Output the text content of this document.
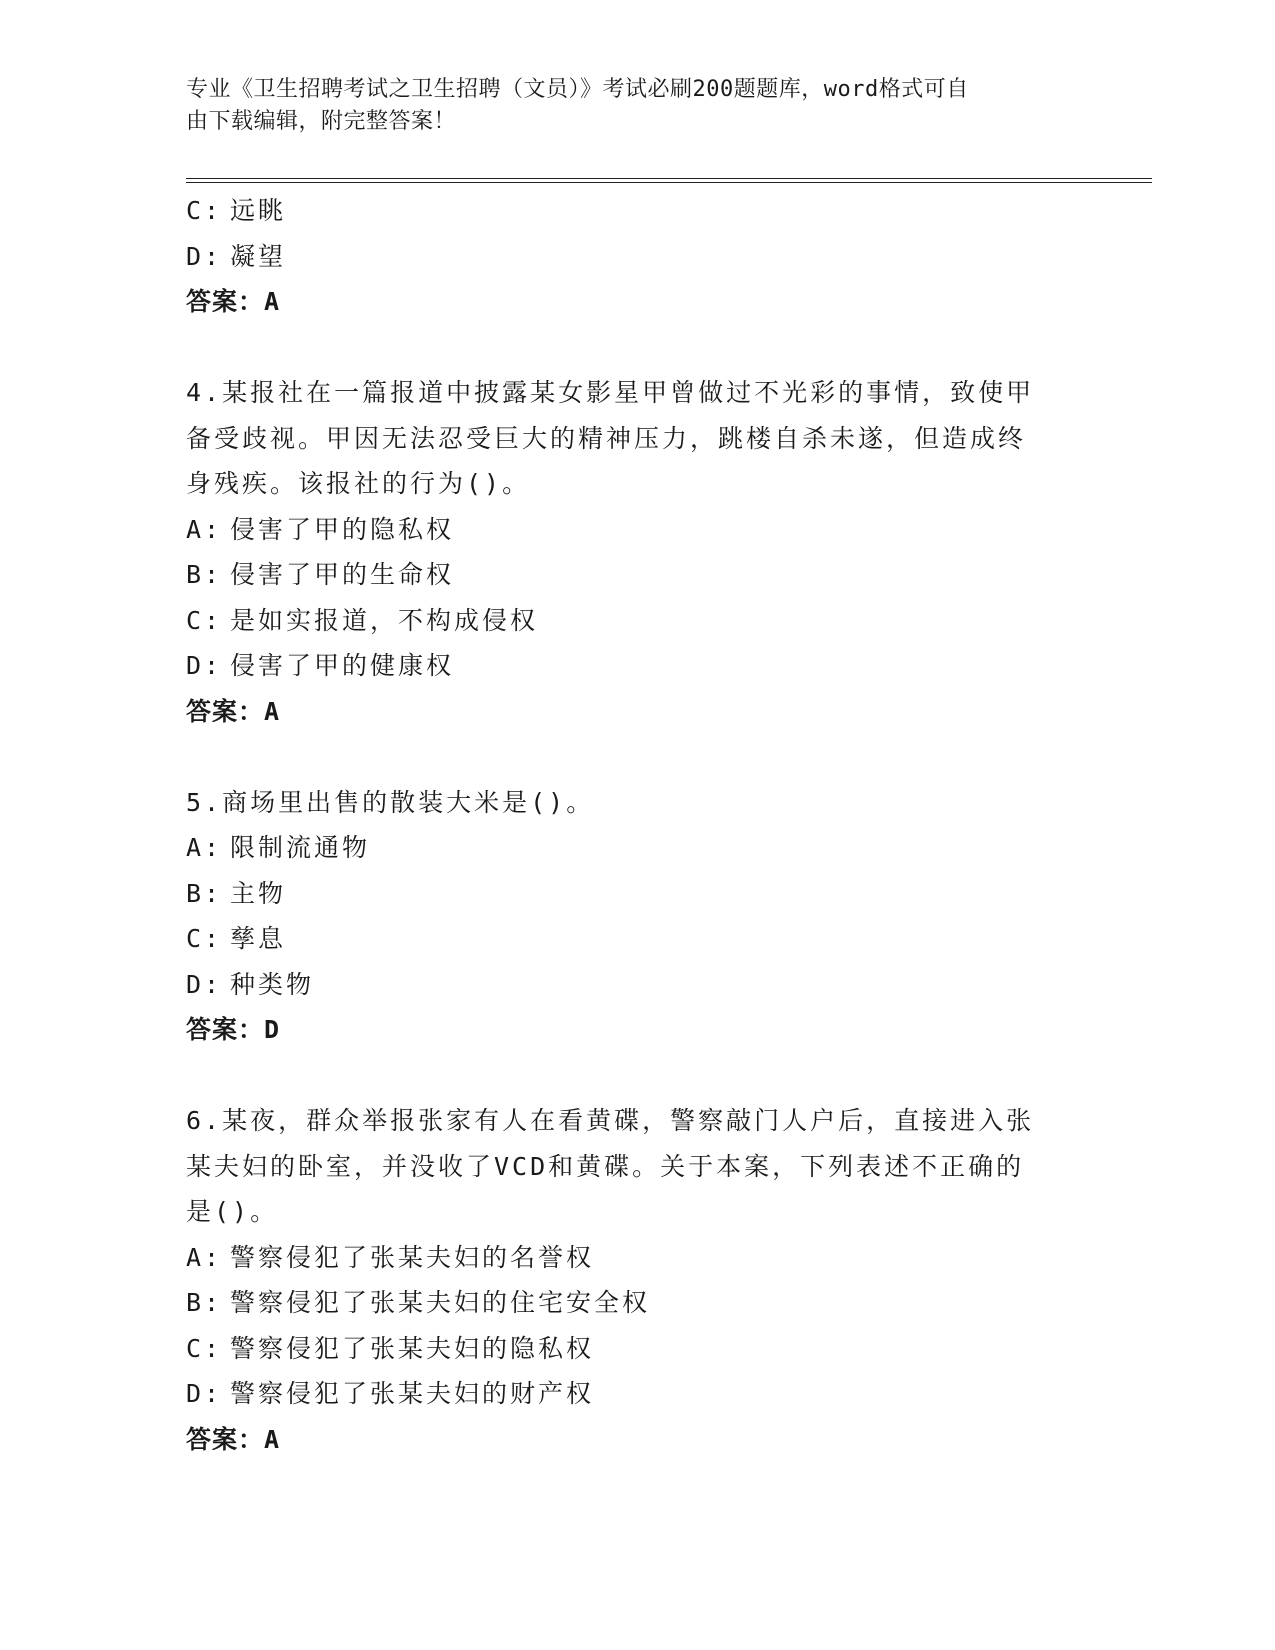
专业《卫生招聘考试之卫生招聘（文员）》考试必刷200题题库，word格式可自
由下载编辑，附完整答案！
C: 远眺
D: 凝望
答案：A
4.某报社在一篇报道中披露某女影星甲曾做过不光彩的事情，致使甲
备受歧视。甲因无法忍受巨大的精神压力，跳楼自杀未遂，但造成终
身残疾。该报社的行为()。
A: 侵害了甲的隐私权
B: 侵害了甲的生命权
C: 是如实报道，不构成侵权
D: 侵害了甲的健康权
答案：A
5.商场里出售的散装大米是()。
A: 限制流通物
B: 主物
C: 孳息
D: 种类物
答案：D
6.某夜，群众举报张家有人在看黄碟，警察敲门人户后，直接进入张
某夫妇的卧室，并没收了VCD和黄碟。关于本案，下列表述不正确的
是()。
A: 警察侵犯了张某夫妇的名誉权
B: 警察侵犯了张某夫妇的住宅安全权
C: 警察侵犯了张某夫妇的隐私权
D: 警察侵犯了张某夫妇的财产权
答案：A
